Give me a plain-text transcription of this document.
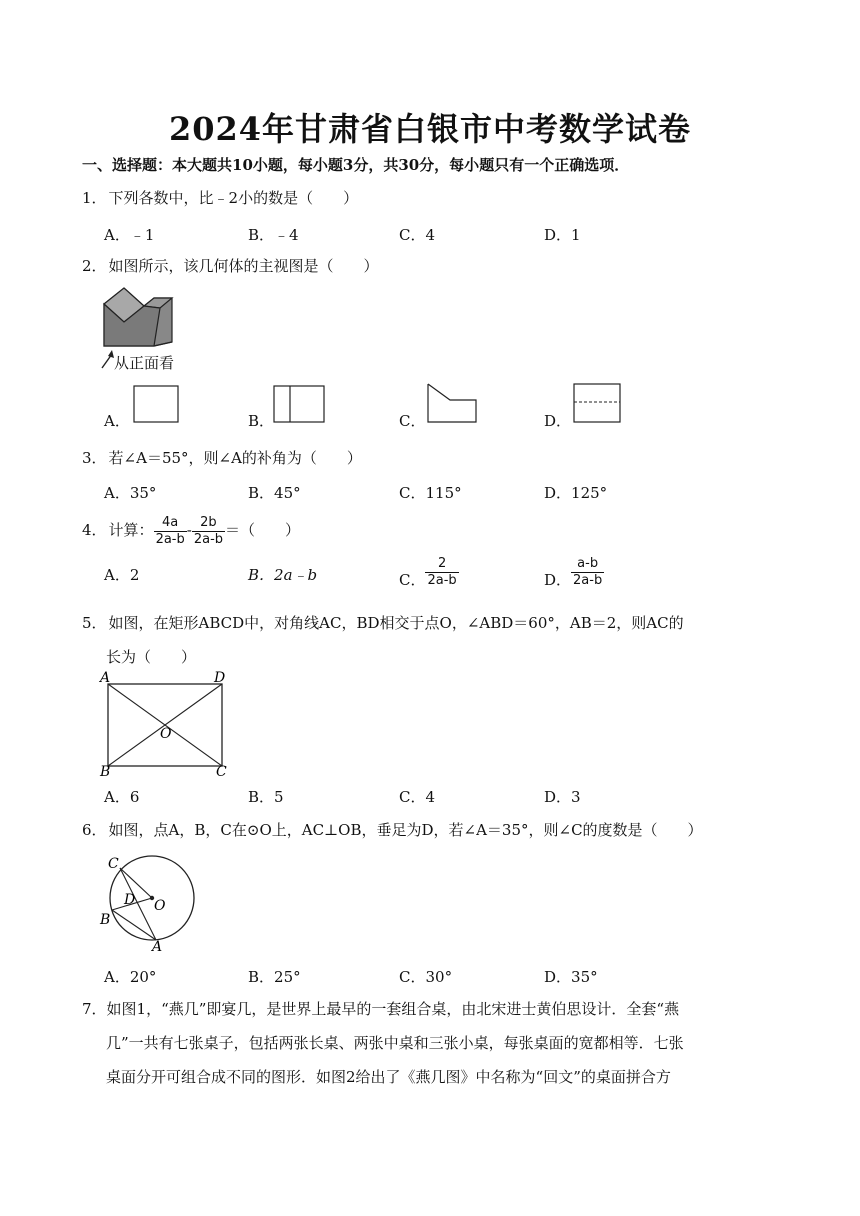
2024年甘肃省白银市中考数学试卷
一、选择题：本大题共10小题，每小题3分，共30分，每小题只有一个正确选项．
1． 下列各数中，比﹣2小的数是（　　）
A．﹣1	B．﹣4	C．4	D．1
2． 如图所示，该几何体的主视图是（　　）
从正面看
A．	B．	C．	D．
3． 若∠A＝55°，则∠A的补角为（　　）
A．35°	B．45°	C．115°	D．125°
4． 计算： $\frac{4a}{2a-b} - \frac{2b}{2a-b}$ ＝（　　）
A．2	B．2a﹣b	C． $\frac{2}{2a-b}$	D． $\frac{a-b}{2a-b}$
5． 如图，在矩形ABCD中，对角线AC，BD相交于点O，∠ABD＝60°，AB＝2，则AC的
长为（　　）
A	D
O
B	C
A．6	B．5	C．4	D．3
6． 如图，点A，B，C在⊙O上，AC⊥OB，垂足为D，若∠A＝35°，则∠C的度数是（　　）
C
D O
B
A
A．20°	B．25°	C．30°	D．35°
7．如图1，“燕几”即宴几，是世界上最早的一套组合桌，由北宋进士黄伯思设计．全套“燕
几”一共有七张桌子，包括两张长桌、两张中桌和三张小桌，每张桌面的宽都相等．七张
桌面分开可组合成不同的图形．如图2给出了《燕几图》中名称为“回文”的桌面拼合方
